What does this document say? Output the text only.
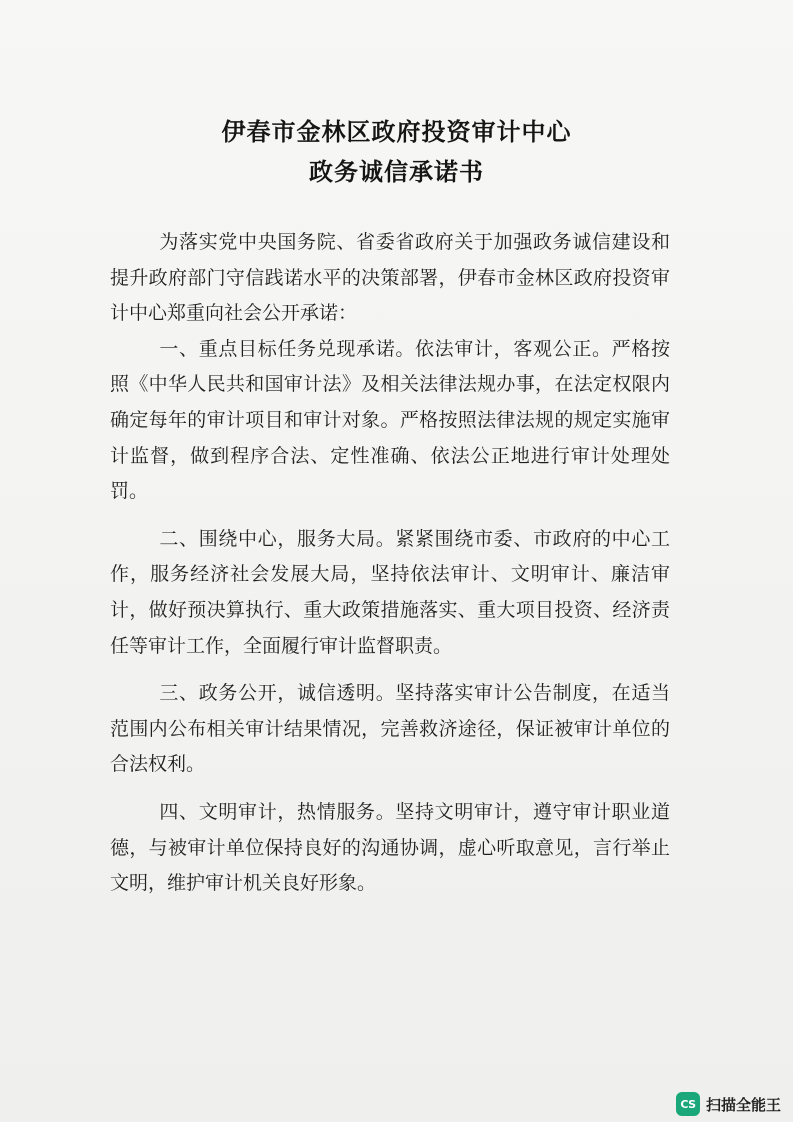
伊春市金林区政府投资审计中心

政务诚信承诺书

为落实党中央国务院、省委省政府关于加强政务诚信建设和提升政府部门守信践诺水平的决策部署，伊春市金林区政府投资审计中心郑重向社会公开承诺：

一、重点目标任务兑现承诺。依法审计，客观公正。严格按照《中华人民共和国审计法》及相关法律法规办事，在法定权限内确定每年的审计项目和审计对象。严格按照法律法规的规定实施审计监督，做到程序合法、定性准确、依法公正地进行审计处理处罚。

二、围绕中心，服务大局。紧紧围绕市委、市政府的中心工作，服务经济社会发展大局，坚持依法审计、文明审计、廉洁审计，做好预决算执行、重大政策措施落实、重大项目投资、经济责任等审计工作，全面履行审计监督职责。

三、政务公开，诚信透明。坚持落实审计公告制度，在适当范围内公布相关审计结果情况，完善救济途径，保证被审计单位的合法权利。

四、文明审计，热情服务。坚持文明审计，遵守审计职业道德，与被审计单位保持良好的沟通协调，虚心听取意见，言行举止文明，维护审计机关良好形象。

CS 扫描全能王
